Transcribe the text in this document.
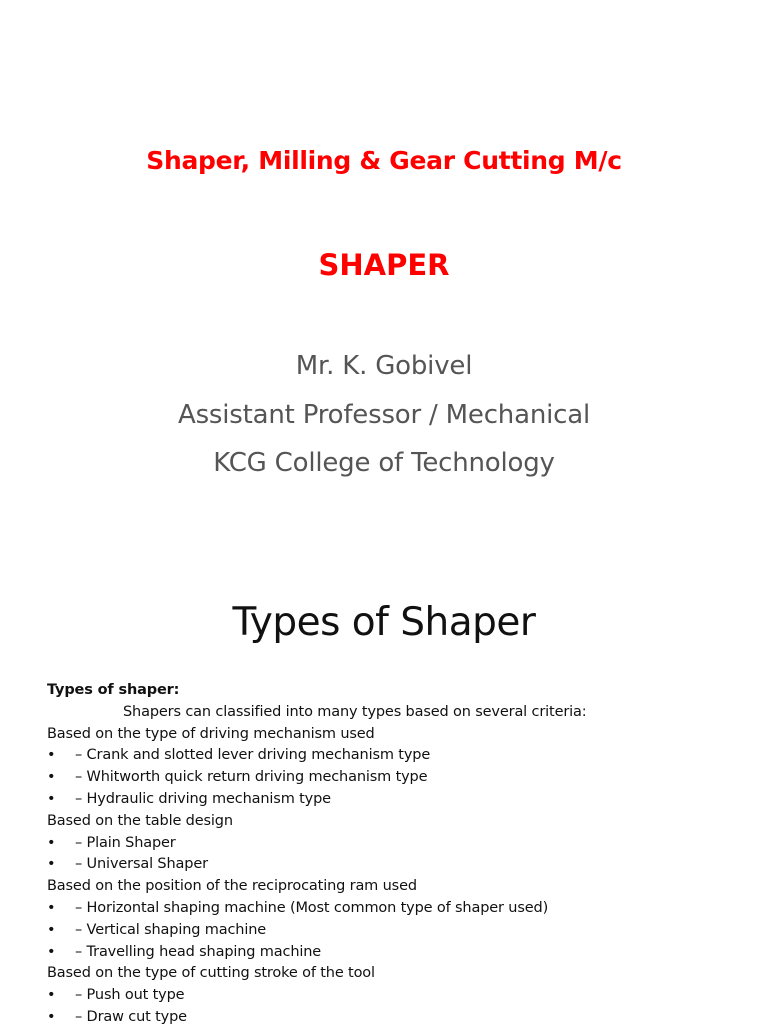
Shaper, Milling & Gear Cutting M/c
SHAPER
Mr. K. Gobivel
Assistant Professor / Mechanical
KCG College of Technology
Types of Shaper
Types of shaper:
Shapers can classified into many types based on several criteria:
Based on the type of driving mechanism used
•	– Crank and slotted lever driving mechanism type
•	– Whitworth quick return driving mechanism type
•	– Hydraulic driving mechanism type
Based on the table design
•	– Plain Shaper
•	– Universal Shaper
Based on the position of the reciprocating ram used
•	– Horizontal shaping machine (Most common type of shaper used)
•	– Vertical shaping machine
•	– Travelling head shaping machine
Based on the type of cutting stroke of the tool
•	– Push out type
•	– Draw cut type
